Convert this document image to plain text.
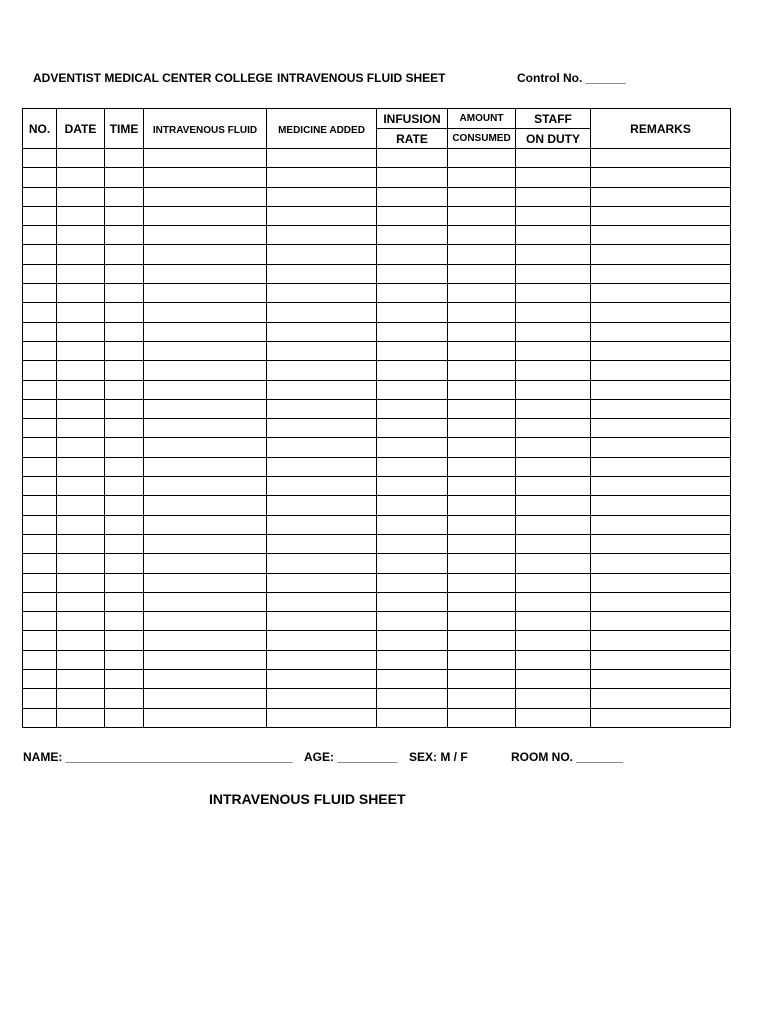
ADVENTIST MEDICAL CENTER COLLEGE INTRAVENOUS FLUID SHEET	Control No. ______
NO.	DATE	TIME	INTRAVENOUS FLUID	MEDICINE ADDED	INFUSION	AMOUNT	STAFF	REMARKS
					RATE	CONSUMED	ON DUTY	

NAME: __________________________________ AGE: _________ SEX: M / F	ROOM NO. _______
INTRAVENOUS FLUID SHEET
